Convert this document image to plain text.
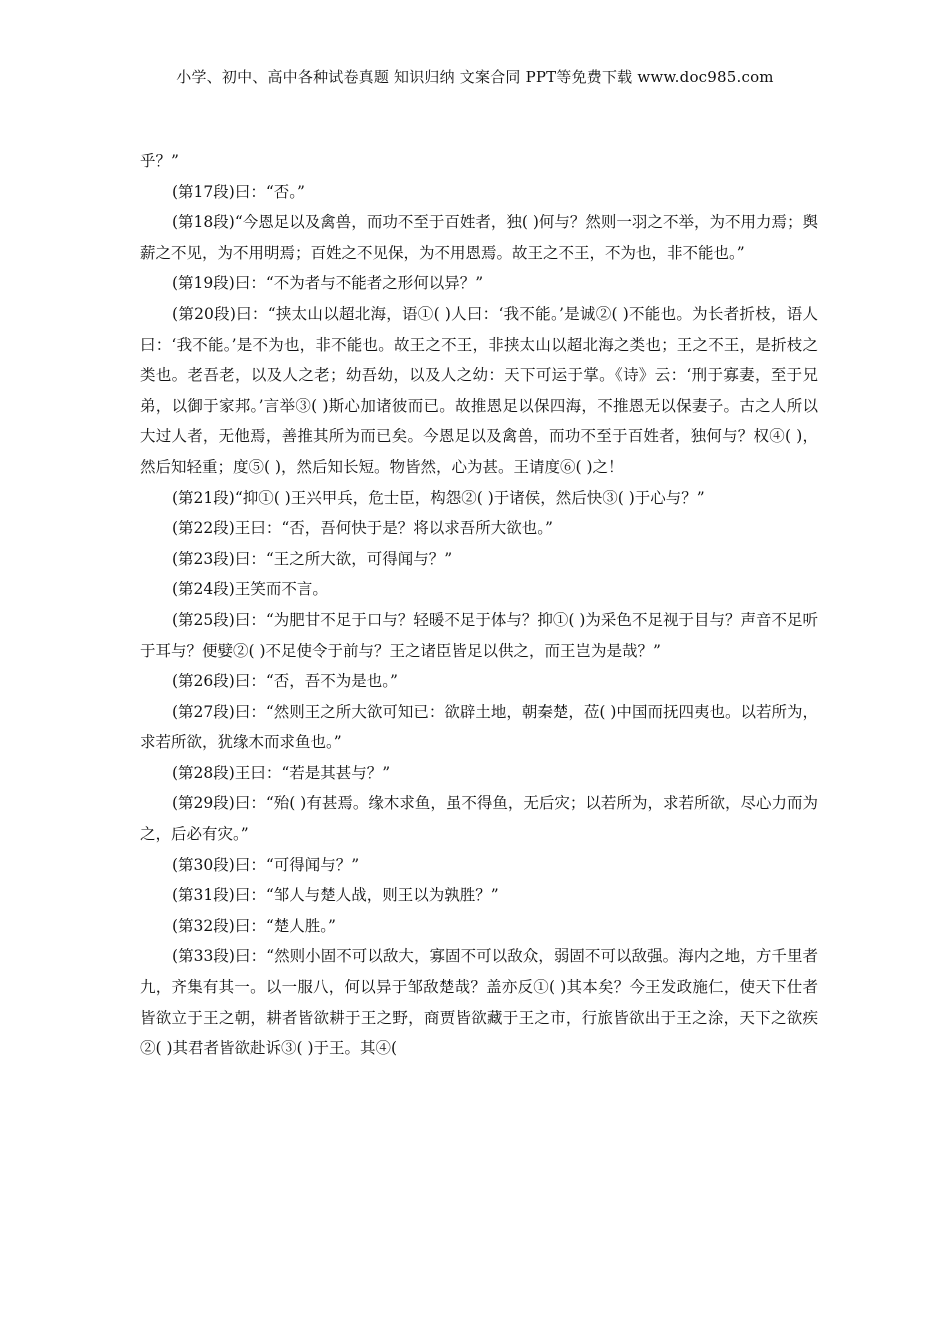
小学、初中、高中各种试卷真题 知识归纳 文案合同 PPT等免费下载 www.doc985.com

乎？”

(第17段)曰：“否。”

(第18段)“今恩足以及禽兽，而功不至于百姓者，独( )何与？然则一羽之不举，为不用力焉；舆薪之不见，为不用明焉；百姓之不见保，为不用恩焉。故王之不王，不为也，非不能也。”

(第19段)曰：“不为者与不能者之形何以异？”

(第20段)曰：“挟太山以超北海，语①( )人曰：‘我不能。’是诚②( )不能也。为长者折枝，语人曰：‘我不能。’是不为也，非不能也。故王之不王，非挟太山以超北海之类也；王之不王，是折枝之类也。老吾老，以及人之老；幼吾幼，以及人之幼：天下可运于掌。《诗》云：‘刑于寡妻，至于兄弟，以御于家邦。’言举③( )斯心加诸彼而已。故推恩足以保四海，不推恩无以保妻子。古之人所以大过人者，无他焉，善推其所为而已矣。今恩足以及禽兽，而功不至于百姓者，独何与？权④( )，然后知轻重；度⑤( )，然后知长短。物皆然，心为甚。王请度⑥( )之！

(第21段)“抑①( )王兴甲兵，危士臣，构怨②( )于诸侯，然后快③( )于心与？”

(第22段)王曰：“否，吾何快于是？将以求吾所大欲也。”

(第23段)曰：“王之所大欲，可得闻与？”

(第24段)王笑而不言。

(第25段)曰：“为肥甘不足于口与？轻暖不足于体与？抑①( )为采色不足视于目与？声音不足听于耳与？便嬖②( )不足使令于前与？王之诸臣皆足以供之，而王岂为是哉？”

(第26段)曰：“否，吾不为是也。”

(第27段)曰：“然则王之所大欲可知已：欲辟土地，朝秦楚，莅( )中国而抚四夷也。以若所为，求若所欲，犹缘木而求鱼也。”

(第28段)王曰：“若是其甚与？”

(第29段)曰：“殆( )有甚焉。缘木求鱼，虽不得鱼，无后灾；以若所为，求若所欲，尽心力而为之，后必有灾。”

(第30段)曰：“可得闻与？”

(第31段)曰：“邹人与楚人战，则王以为孰胜？”

(第32段)曰：“楚人胜。”

(第33段)曰：“然则小固不可以敌大，寡固不可以敌众，弱固不可以敌强。海内之地，方千里者九，齐集有其一。以一服八，何以异于邹敌楚哉？盖亦反①( )其本矣？今王发政施仁，使天下仕者皆欲立于王之朝，耕者皆欲耕于王之野，商贾皆欲藏于王之市，行旅皆欲出于王之涂，天下之欲疾②( )其君者皆欲赴诉③( )于王。其④(
